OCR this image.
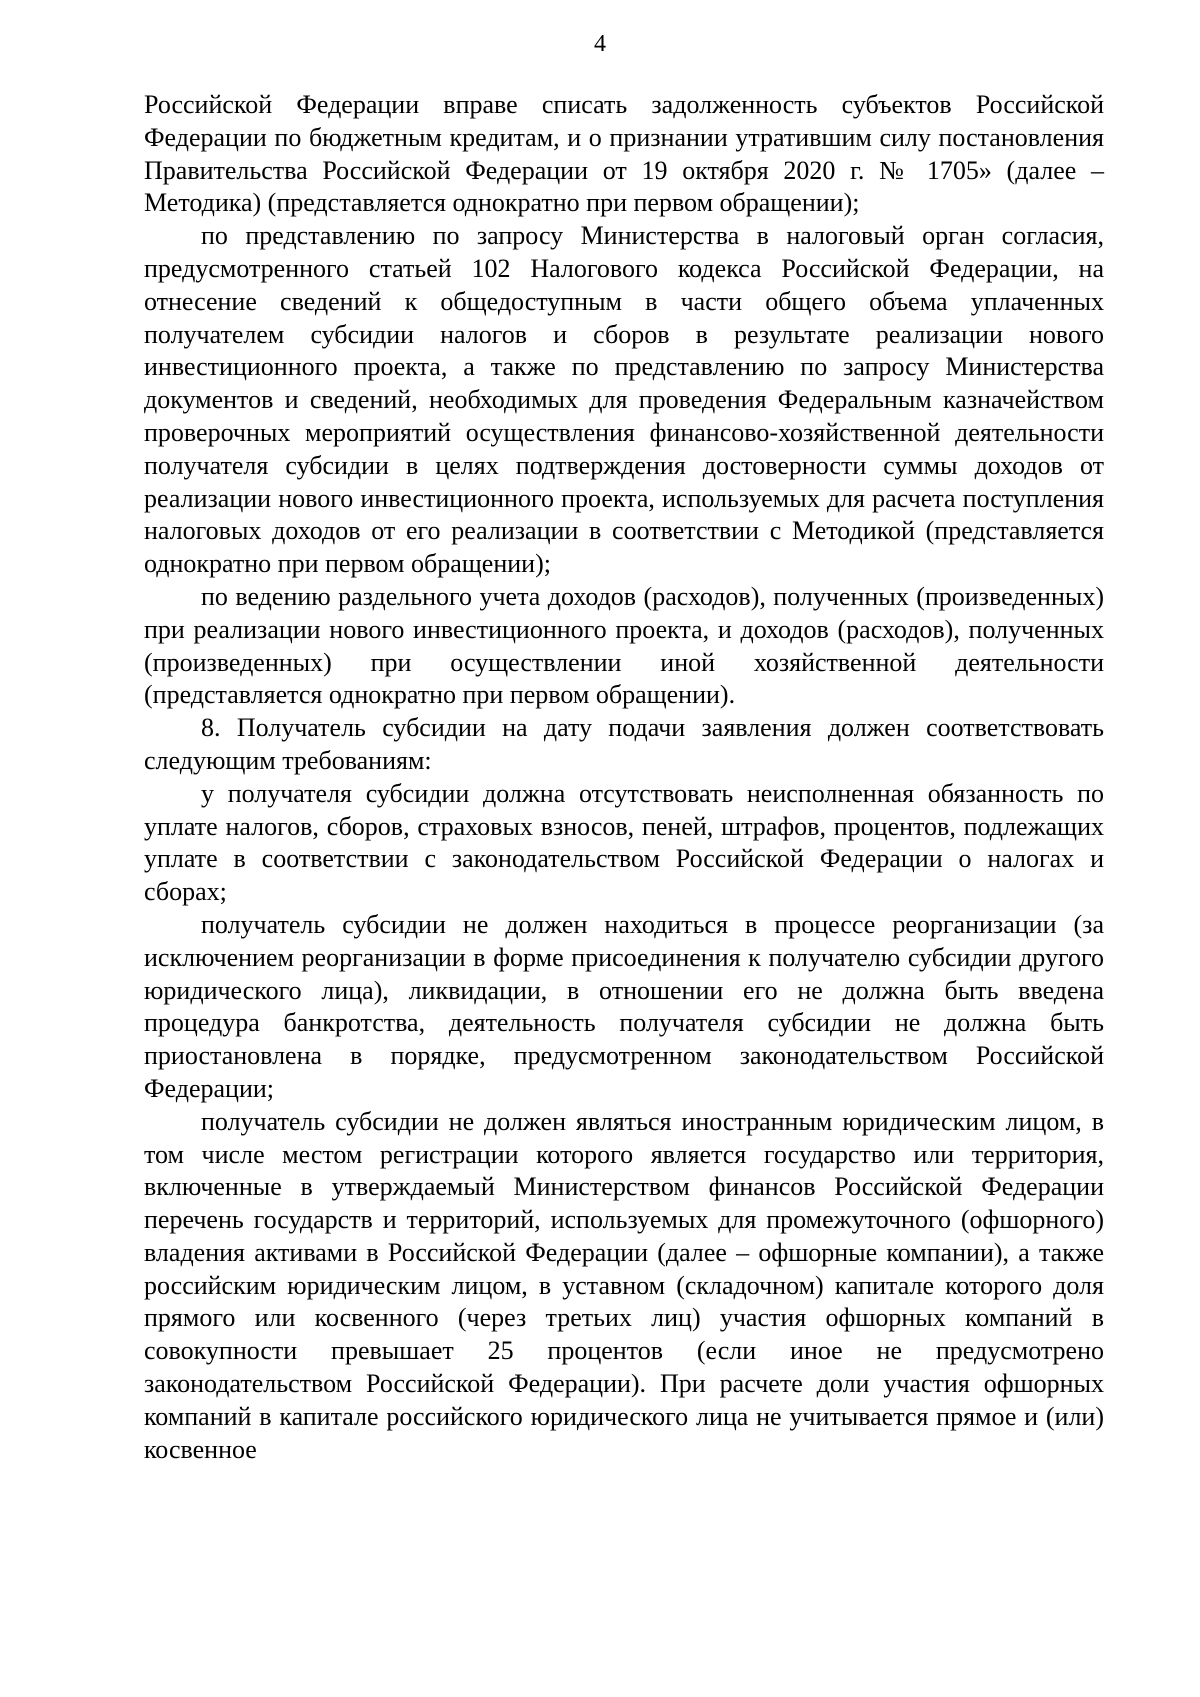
4

Российской Федерации вправе списать задолженность субъектов Российской Федерации по бюджетным кредитам, и о признании утратившим силу постановления Правительства Российской Федерации от 19 октября 2020 г. № 1705» (далее – Методика) (представляется однократно при первом обращении);

по представлению по запросу Министерства в налоговый орган согласия, предусмотренного статьей 102 Налогового кодекса Российской Федерации, на отнесение сведений к общедоступным в части общего объема уплаченных получателем субсидии налогов и сборов в результате реализации нового инвестиционного проекта, а также по представлению по запросу Министерства документов и сведений, необходимых для проведения Федеральным казначейством проверочных мероприятий осуществления финансово-хозяйственной деятельности получателя субсидии в целях подтверждения достоверности суммы доходов от реализации нового инвестиционного проекта, используемых для расчета поступления налоговых доходов от его реализации в соответствии с Методикой (представляется однократно при первом обращении);

по ведению раздельного учета доходов (расходов), полученных (произведенных) при реализации нового инвестиционного проекта, и доходов (расходов), полученных (произведенных) при осуществлении иной хозяйственной деятельности (представляется однократно при первом обращении).

8. Получатель субсидии на дату подачи заявления должен соответствовать следующим требованиям:

у получателя субсидии должна отсутствовать неисполненная обязанность по уплате налогов, сборов, страховых взносов, пеней, штрафов, процентов, подлежащих уплате в соответствии с законодательством Российской Федерации о налогах и сборах;

получатель субсидии не должен находиться в процессе реорганизации (за исключением реорганизации в форме присоединения к получателю субсидии другого юридического лица), ликвидации, в отношении его не должна быть введена процедура банкротства, деятельность получателя субсидии не должна быть приостановлена в порядке, предусмотренном законодательством Российской Федерации;

получатель субсидии не должен являться иностранным юридическим лицом, в том числе местом регистрации которого является государство или территория, включенные в утверждаемый Министерством финансов Российской Федерации перечень государств и территорий, используемых для промежуточного (офшорного) владения активами в Российской Федерации (далее – офшорные компании), а также российским юридическим лицом, в уставном (складочном) капитале которого доля прямого или косвенного (через третьих лиц) участия офшорных компаний в совокупности превышает 25 процентов (если иное не предусмотрено законодательством Российской Федерации). При расчете доли участия офшорных компаний в капитале российского юридического лица не учитывается прямое и (или) косвенное
